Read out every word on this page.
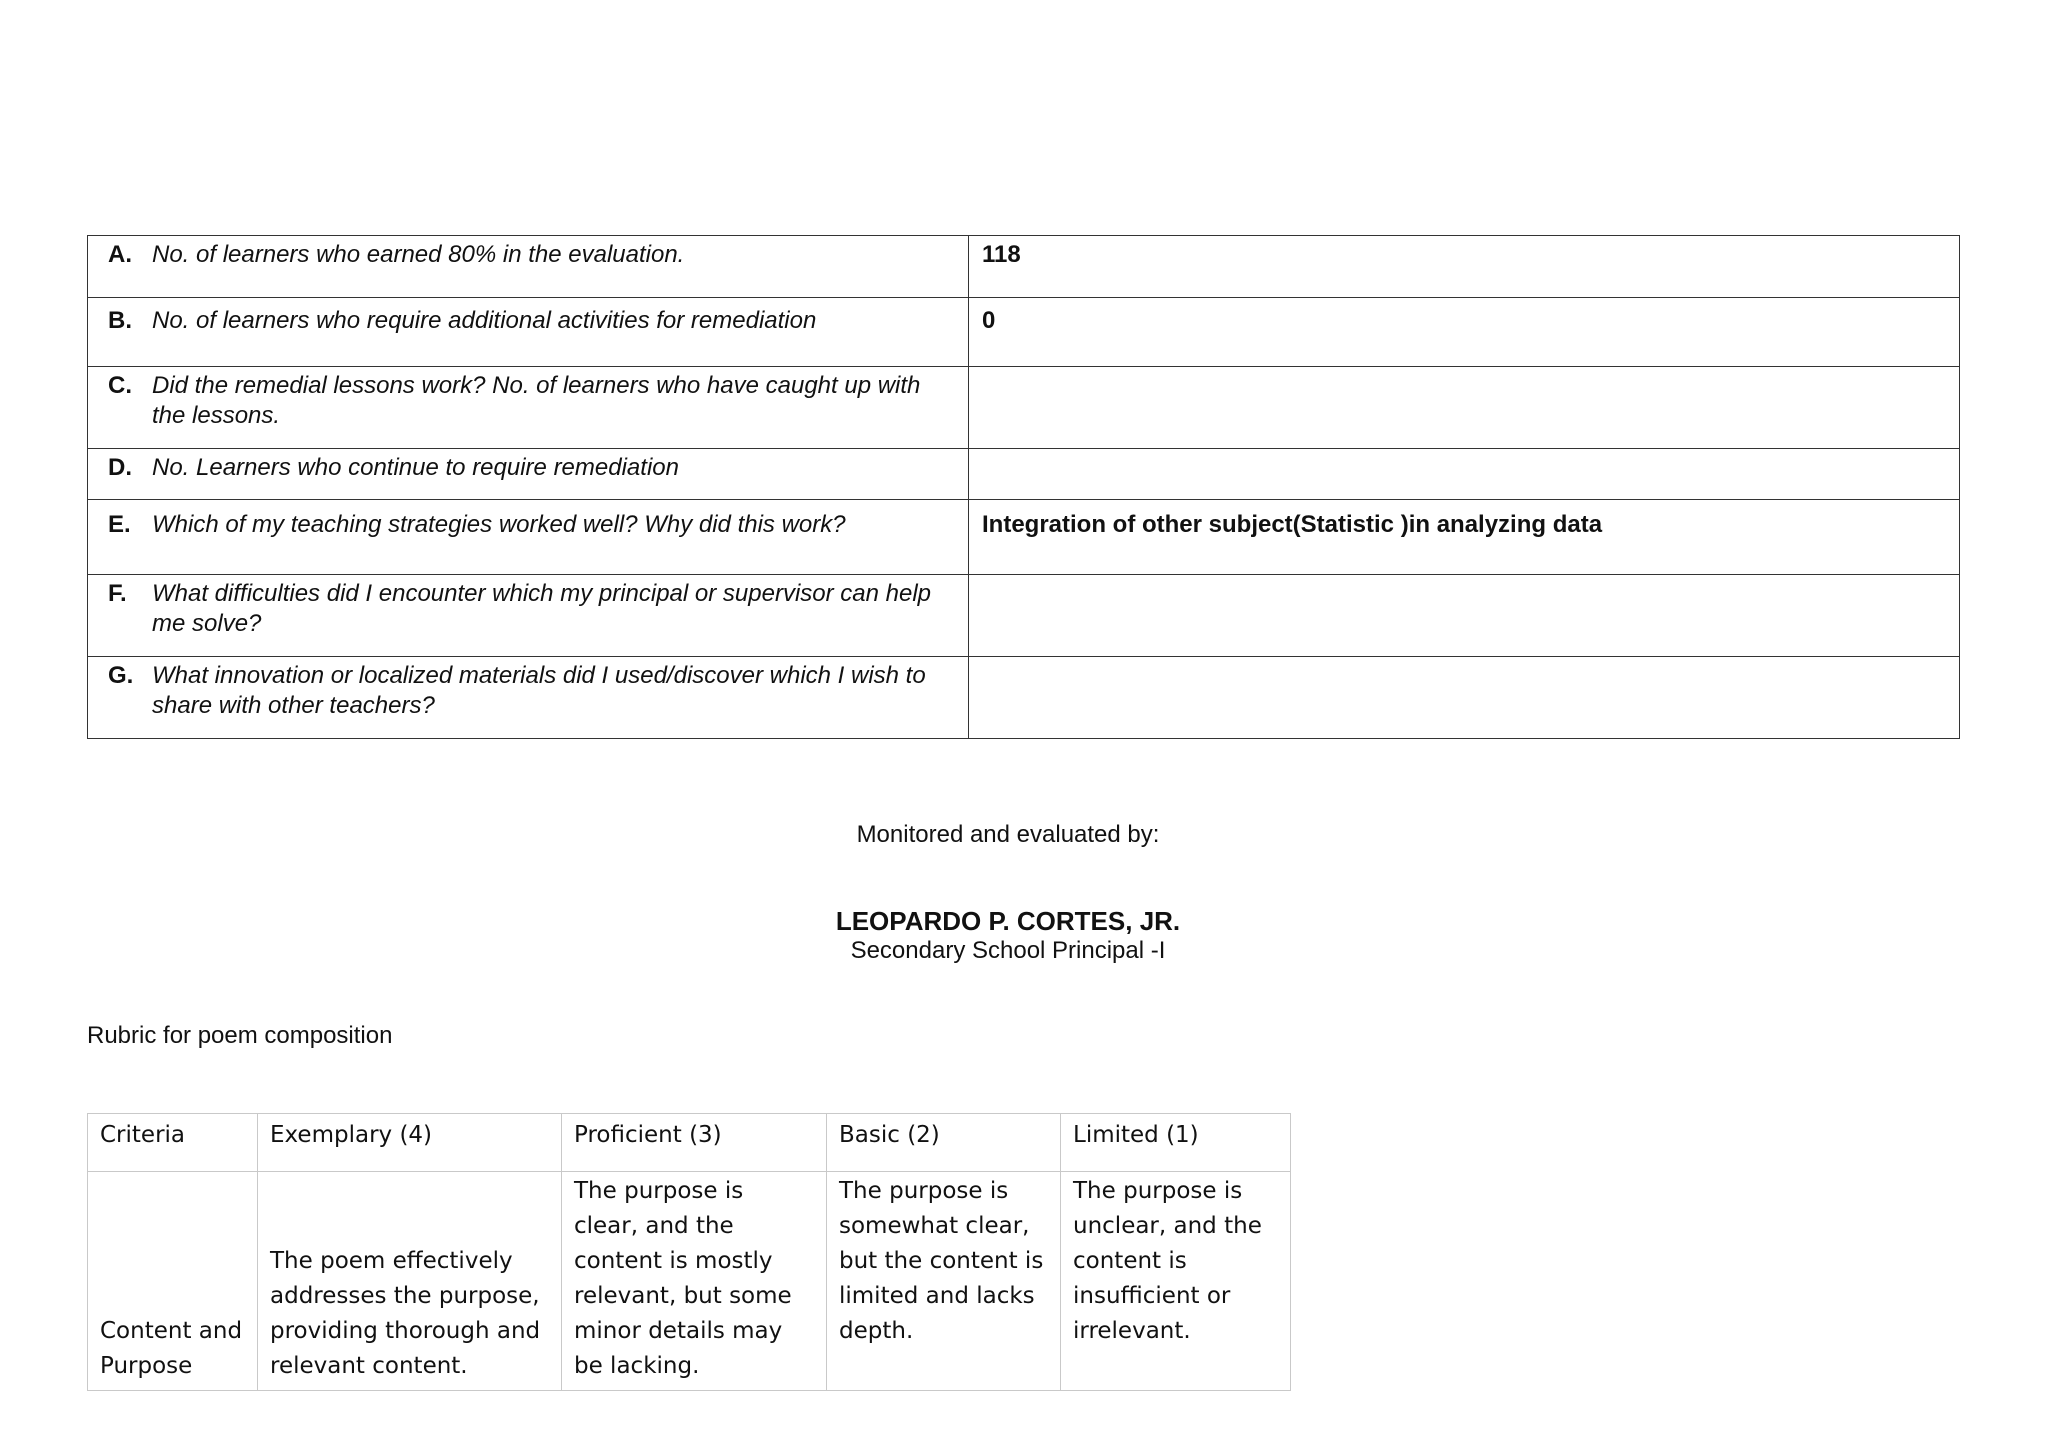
A. No. of learners who earned 80% in the evaluation.	118

B. No. of learners who require additional activities for remediation	0

C. Did the remedial lessons work? No. of learners who have caught up with the lessons.	

D. No. Learners who continue to require remediation	

E. Which of my teaching strategies worked well? Why did this work?	Integration of other subject(Statistic )in analyzing data

F. What difficulties did I encounter which my principal or supervisor can help me solve?	

G. What innovation or localized materials did I used/discover which I wish to share with other teachers?	

Monitored and evaluated by:
LEOPARDO P. CORTES, JR.
Secondary School Principal -I
Rubric for poem composition
Criteria	Exemplary (4)	Proficient (3)	Basic (2)	Limited (1)
Content and Purpose	The poem effectively addresses the purpose, providing thorough and relevant content.	The purpose is clear, and the content is mostly relevant, but some minor details may be lacking.	The purpose is somewhat clear, but the content is limited and lacks depth.	The purpose is unclear, and the content is insufficient or irrelevant.
